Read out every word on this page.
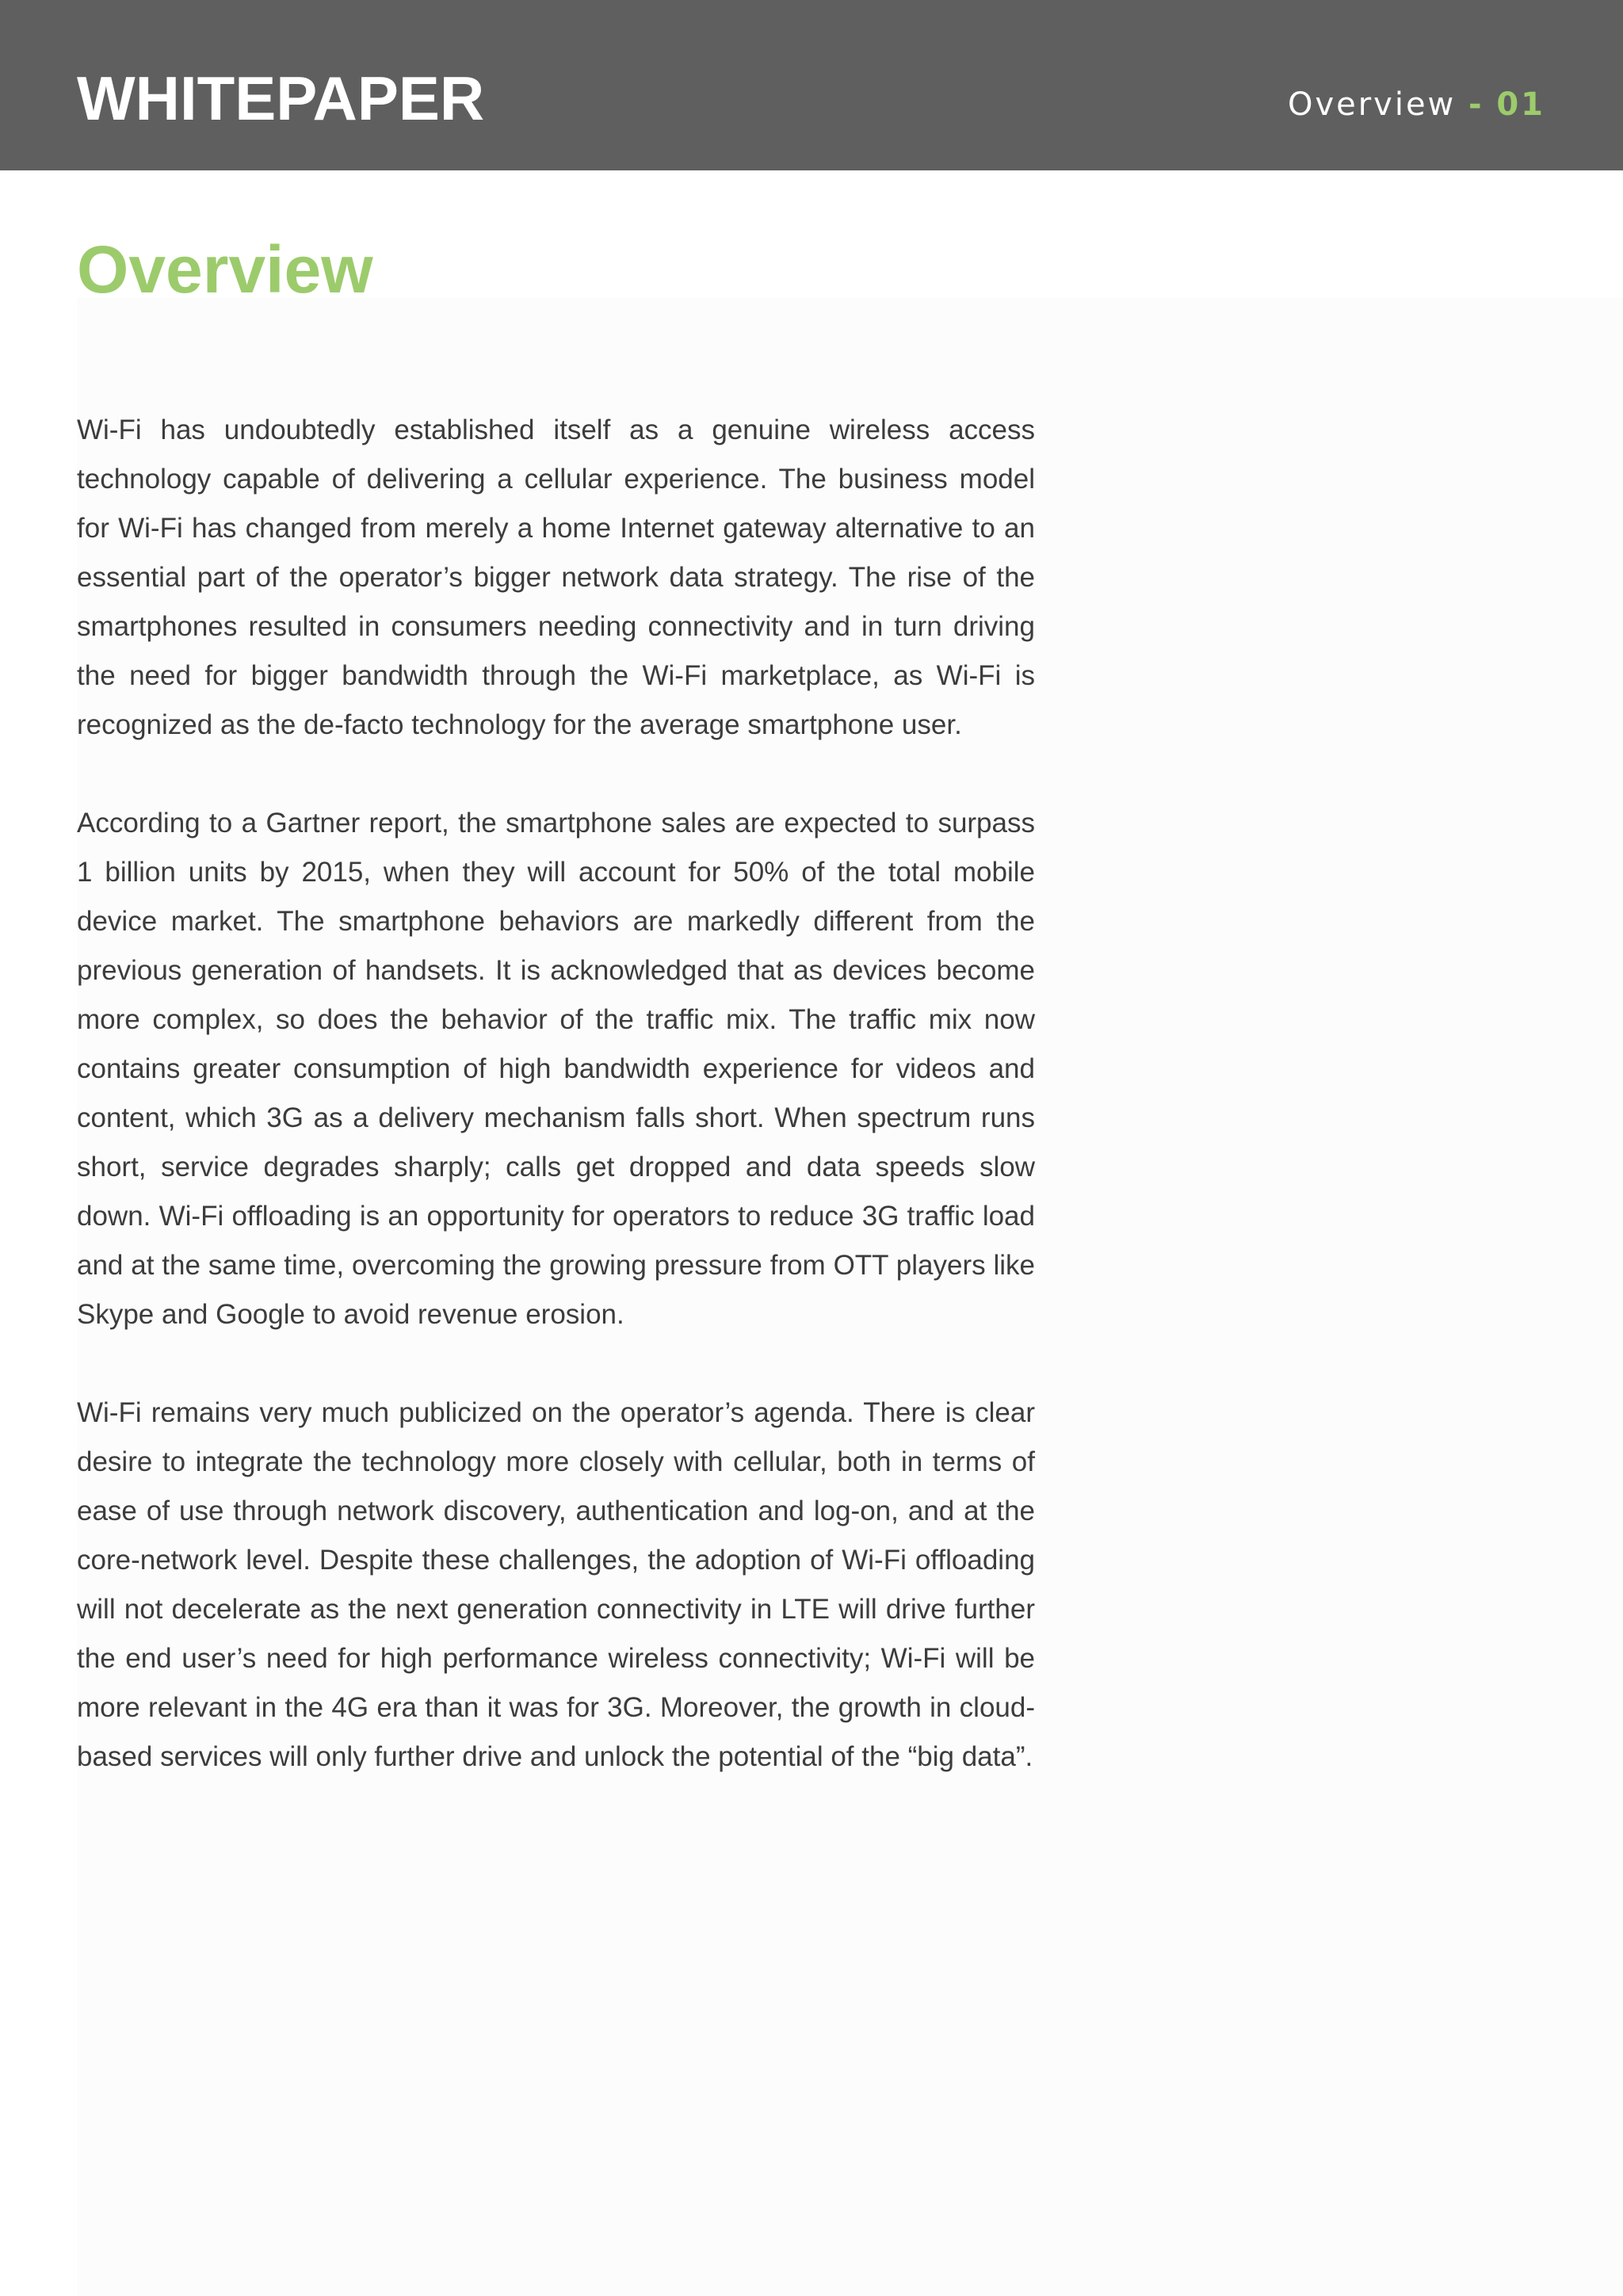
WHITEPAPER	Overview - 01
Overview

Wi-Fi has undoubtedly established itself as a genuine wireless access technology capable of delivering a cellular experience. The business model for Wi-Fi has changed from merely a home Internet gateway alternative to an essential part of the operator’s bigger network data strategy. The rise of the smartphones resulted in consumers needing connectivity and in turn driving the need for bigger bandwidth through the Wi-Fi marketplace, as Wi-Fi is recognized as the de-facto technology for the average smartphone user.

According to a Gartner report, the smartphone sales are expected to surpass 1 billion units by 2015, when they will account for 50% of the total mobile device market. The smartphone behaviors are markedly different from the previous generation of handsets. It is acknowledged that as devices become more complex, so does the behavior of the traffic mix. The traffic mix now contains greater consumption of high bandwidth experience for videos and content, which 3G as a delivery mechanism falls short. When spectrum runs short, service degrades sharply; calls get dropped and data speeds slow down. Wi-Fi offloading is an opportunity for operators to reduce 3G traffic load and at the same time, overcoming the growing pressure from OTT players like Skype and Google to avoid revenue erosion.

Wi-Fi remains very much publicized on the operator’s agenda. There is clear desire to integrate the technology more closely with cellular, both in terms of ease of use through network discovery, authentication and log-on, and at the core-network level. Despite these challenges, the adoption of Wi-Fi offloading will not decelerate as the next generation connectivity in LTE will drive further the end user’s need for high performance wireless connectivity; Wi-Fi will be more relevant in the 4G era than it was for 3G. Moreover, the growth in cloud-based services will only further drive and unlock the potential of the “big data”.
